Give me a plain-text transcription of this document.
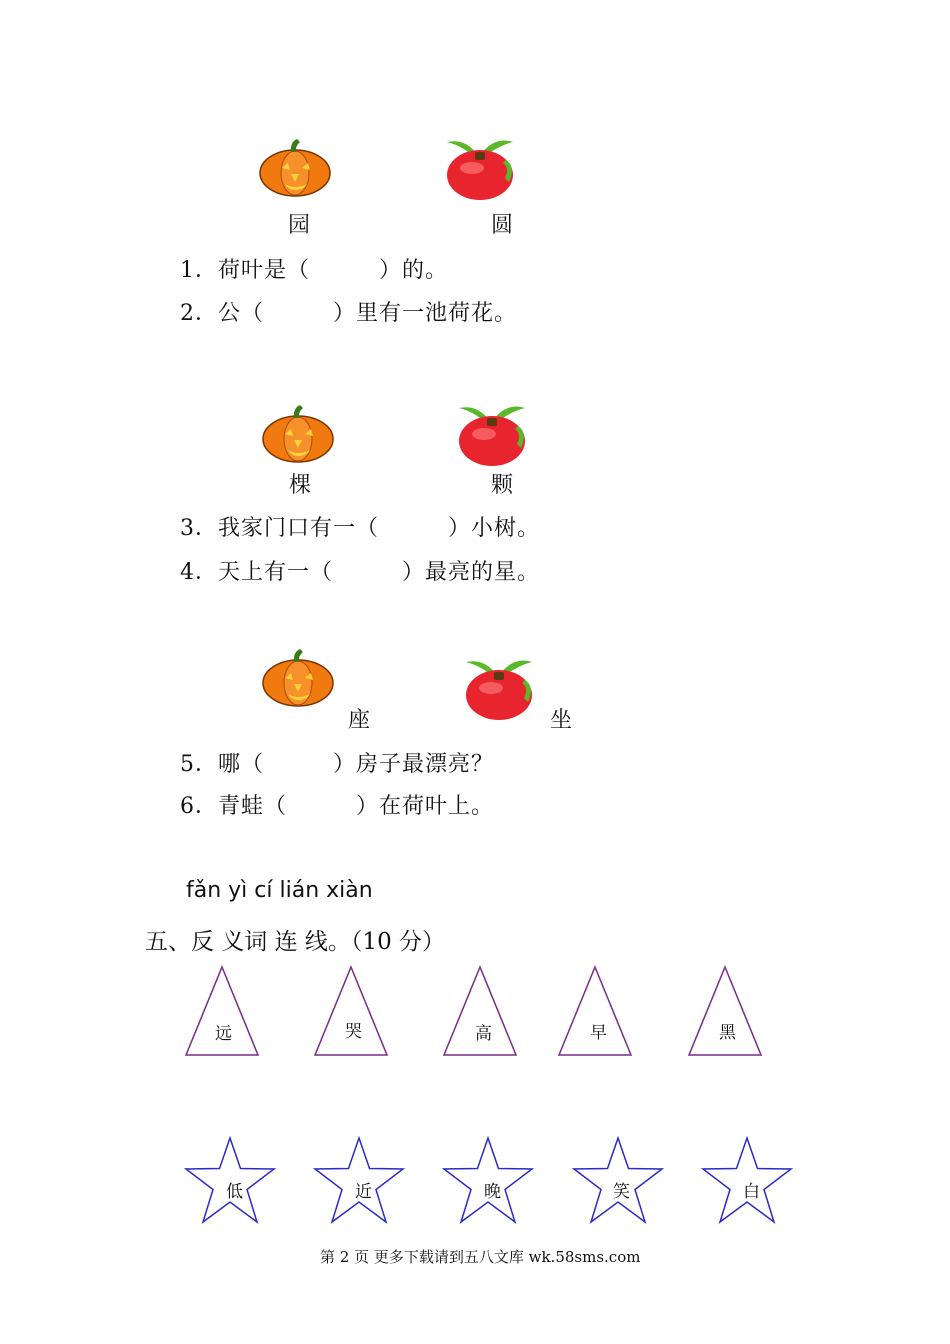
园	圆
1．荷叶是（　　　）的。
2．公（　　　）里有一池荷花。
棵	颗
3．我家门口有一（　　　）小树。
4．天上有一（　　　）最亮的星。
座	坐
5．哪（　　　）房子最漂亮？
6．青蛙（　　　）在荷叶上。
fǎn yì cí lián xiàn
五、反 义词 连 线。（10 分）
远	哭	高	早	黑
低	近	晚	笑	白
第 2 页 更多下载请到五八文库 wk.58sms.com
